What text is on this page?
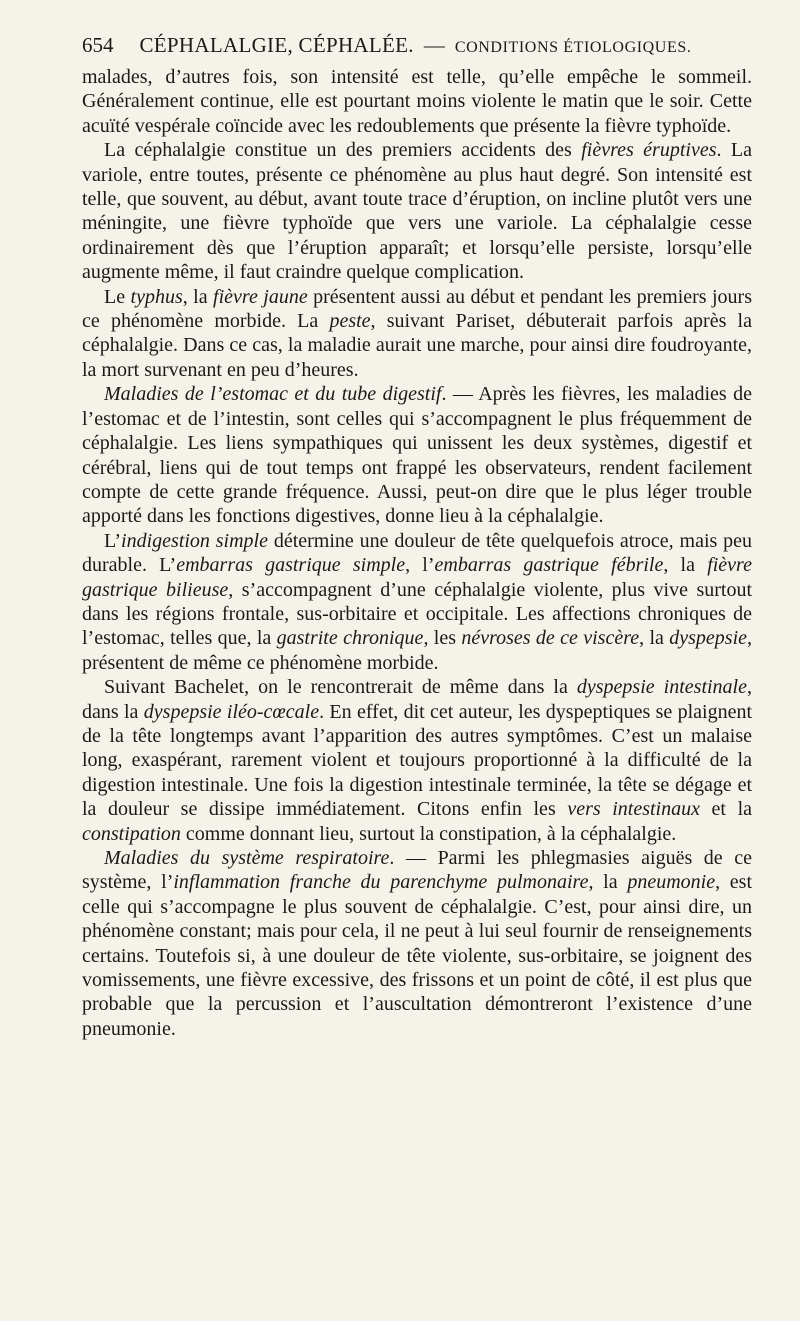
654 CÉPHALALGIE, CÉPHALÉE. — CONDITIONS ÉTIOLOGIQUES.

malades, d’autres fois, son intensité est telle, qu’elle empêche le sommeil. Généralement continue, elle est pourtant moins violente le matin que le soir. Cette acuïté vespérale coïncide avec les redoublements que présente la fièvre typhoïde.

La céphalalgie constitue un des premiers accidents des fièvres éruptives. La variole, entre toutes, présente ce phénomène au plus haut degré. Son intensité est telle, que souvent, au début, avant toute trace d’éruption, on incline plutôt vers une méningite, une fièvre typhoïde que vers une variole. La céphalalgie cesse ordinairement dès que l’éruption apparaît; et lorsqu’elle persiste, lorsqu’elle augmente même, il faut craindre quelque complication.

Le typhus, la fièvre jaune présentent aussi au début et pendant les premiers jours ce phénomène morbide. La peste, suivant Pariset, débuterait parfois après la céphalalgie. Dans ce cas, la maladie aurait une marche, pour ainsi dire foudroyante, la mort survenant en peu d’heures.

Maladies de l’estomac et du tube digestif. — Après les fièvres, les maladies de l’estomac et de l’intestin, sont celles qui s’accompagnent le plus fréquemment de céphalalgie. Les liens sympathiques qui unissent les deux systèmes, digestif et cérébral, liens qui de tout temps ont frappé les observateurs, rendent facilement compte de cette grande fréquence. Aussi, peut-on dire que le plus léger trouble apporté dans les fonctions digestives, donne lieu à la céphalalgie.

L’indigestion simple détermine une douleur de tête quelquefois atroce, mais peu durable. L’embarras gastrique simple, l’embarras gastrique fébrile, la fièvre gastrique bilieuse, s’accompagnent d’une céphalalgie violente, plus vive surtout dans les régions frontale, sus-orbitaire et occipitale. Les affections chroniques de l’estomac, telles que, la gastrite chronique, les névroses de ce viscère, la dyspepsie, présentent de même ce phénomène morbide.

Suivant Bachelet, on le rencontrerait de même dans la dyspepsie intestinale, dans la dyspepsie iléo-cœcale. En effet, dit cet auteur, les dyspeptiques se plaignent de la tête longtemps avant l’apparition des autres symptômes. C’est un malaise long, exaspérant, rarement violent et toujours proportionné à la difficulté de la digestion intestinale. Une fois la digestion intestinale terminée, la tête se dégage et la douleur se dissipe immédiatement. Citons enfin les vers intestinaux et la constipation comme donnant lieu, surtout la constipation, à la céphalalgie.

Maladies du système respiratoire. — Parmi les phlegmasies aiguës de ce système, l’inflammation franche du parenchyme pulmonaire, la pneumonie, est celle qui s’accompagne le plus souvent de céphalalgie. C’est, pour ainsi dire, un phénomène constant; mais pour cela, il ne peut à lui seul fournir de renseignements certains. Toutefois si, à une douleur de tête violente, sus-orbitaire, se joignent des vomissements, une fièvre excessive, des frissons et un point de côté, il est plus que probable que la percussion et l’auscultation démontreront l’existence d’une pneumonie.
